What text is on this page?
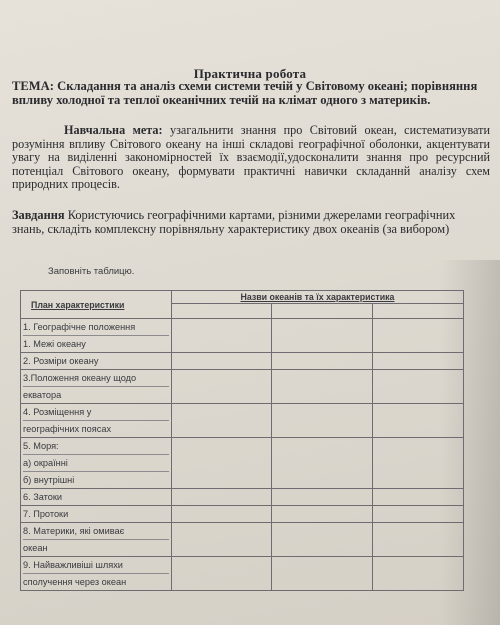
Практична робота
ТЕМА: Складання та аналіз схеми системи течій у Світовому океані; порівняння впливу холодної та теплої океанічних течій на клімат одного з материків.
Навчальна мета: узагальнити знання про Світовий океан, систематизувати розуміння впливу Світового океану на інші складові географічної оболонки, акцентувати увагу на виділенні закономірностей їх взаємодії,удосконалити знання про ресурсний потенціал Світового океану, формувати практичні навички складаннй аналізу схем природних процесів.
Завдання Користуючись географічними картами, різними джерелами географічних знань, складіть комплексну порівняльну характеристику двох океанів (за вибором)
Заповніть таблицю.
План характеристики	Назви океанів та їх характеристика		

1. Географічне положення
1. Межі океану			

2. Розміри океану			

3.Положення океану щодо
екватора			

4. Розміщення у
географічних поясах			

5. Моря:
а) окраїнні
б) внутрішні			

6. Затоки			

7. Протоки			

8. Материки, які омиває
океан			

9. Найважливіші шляхи
сполучення через океан			
